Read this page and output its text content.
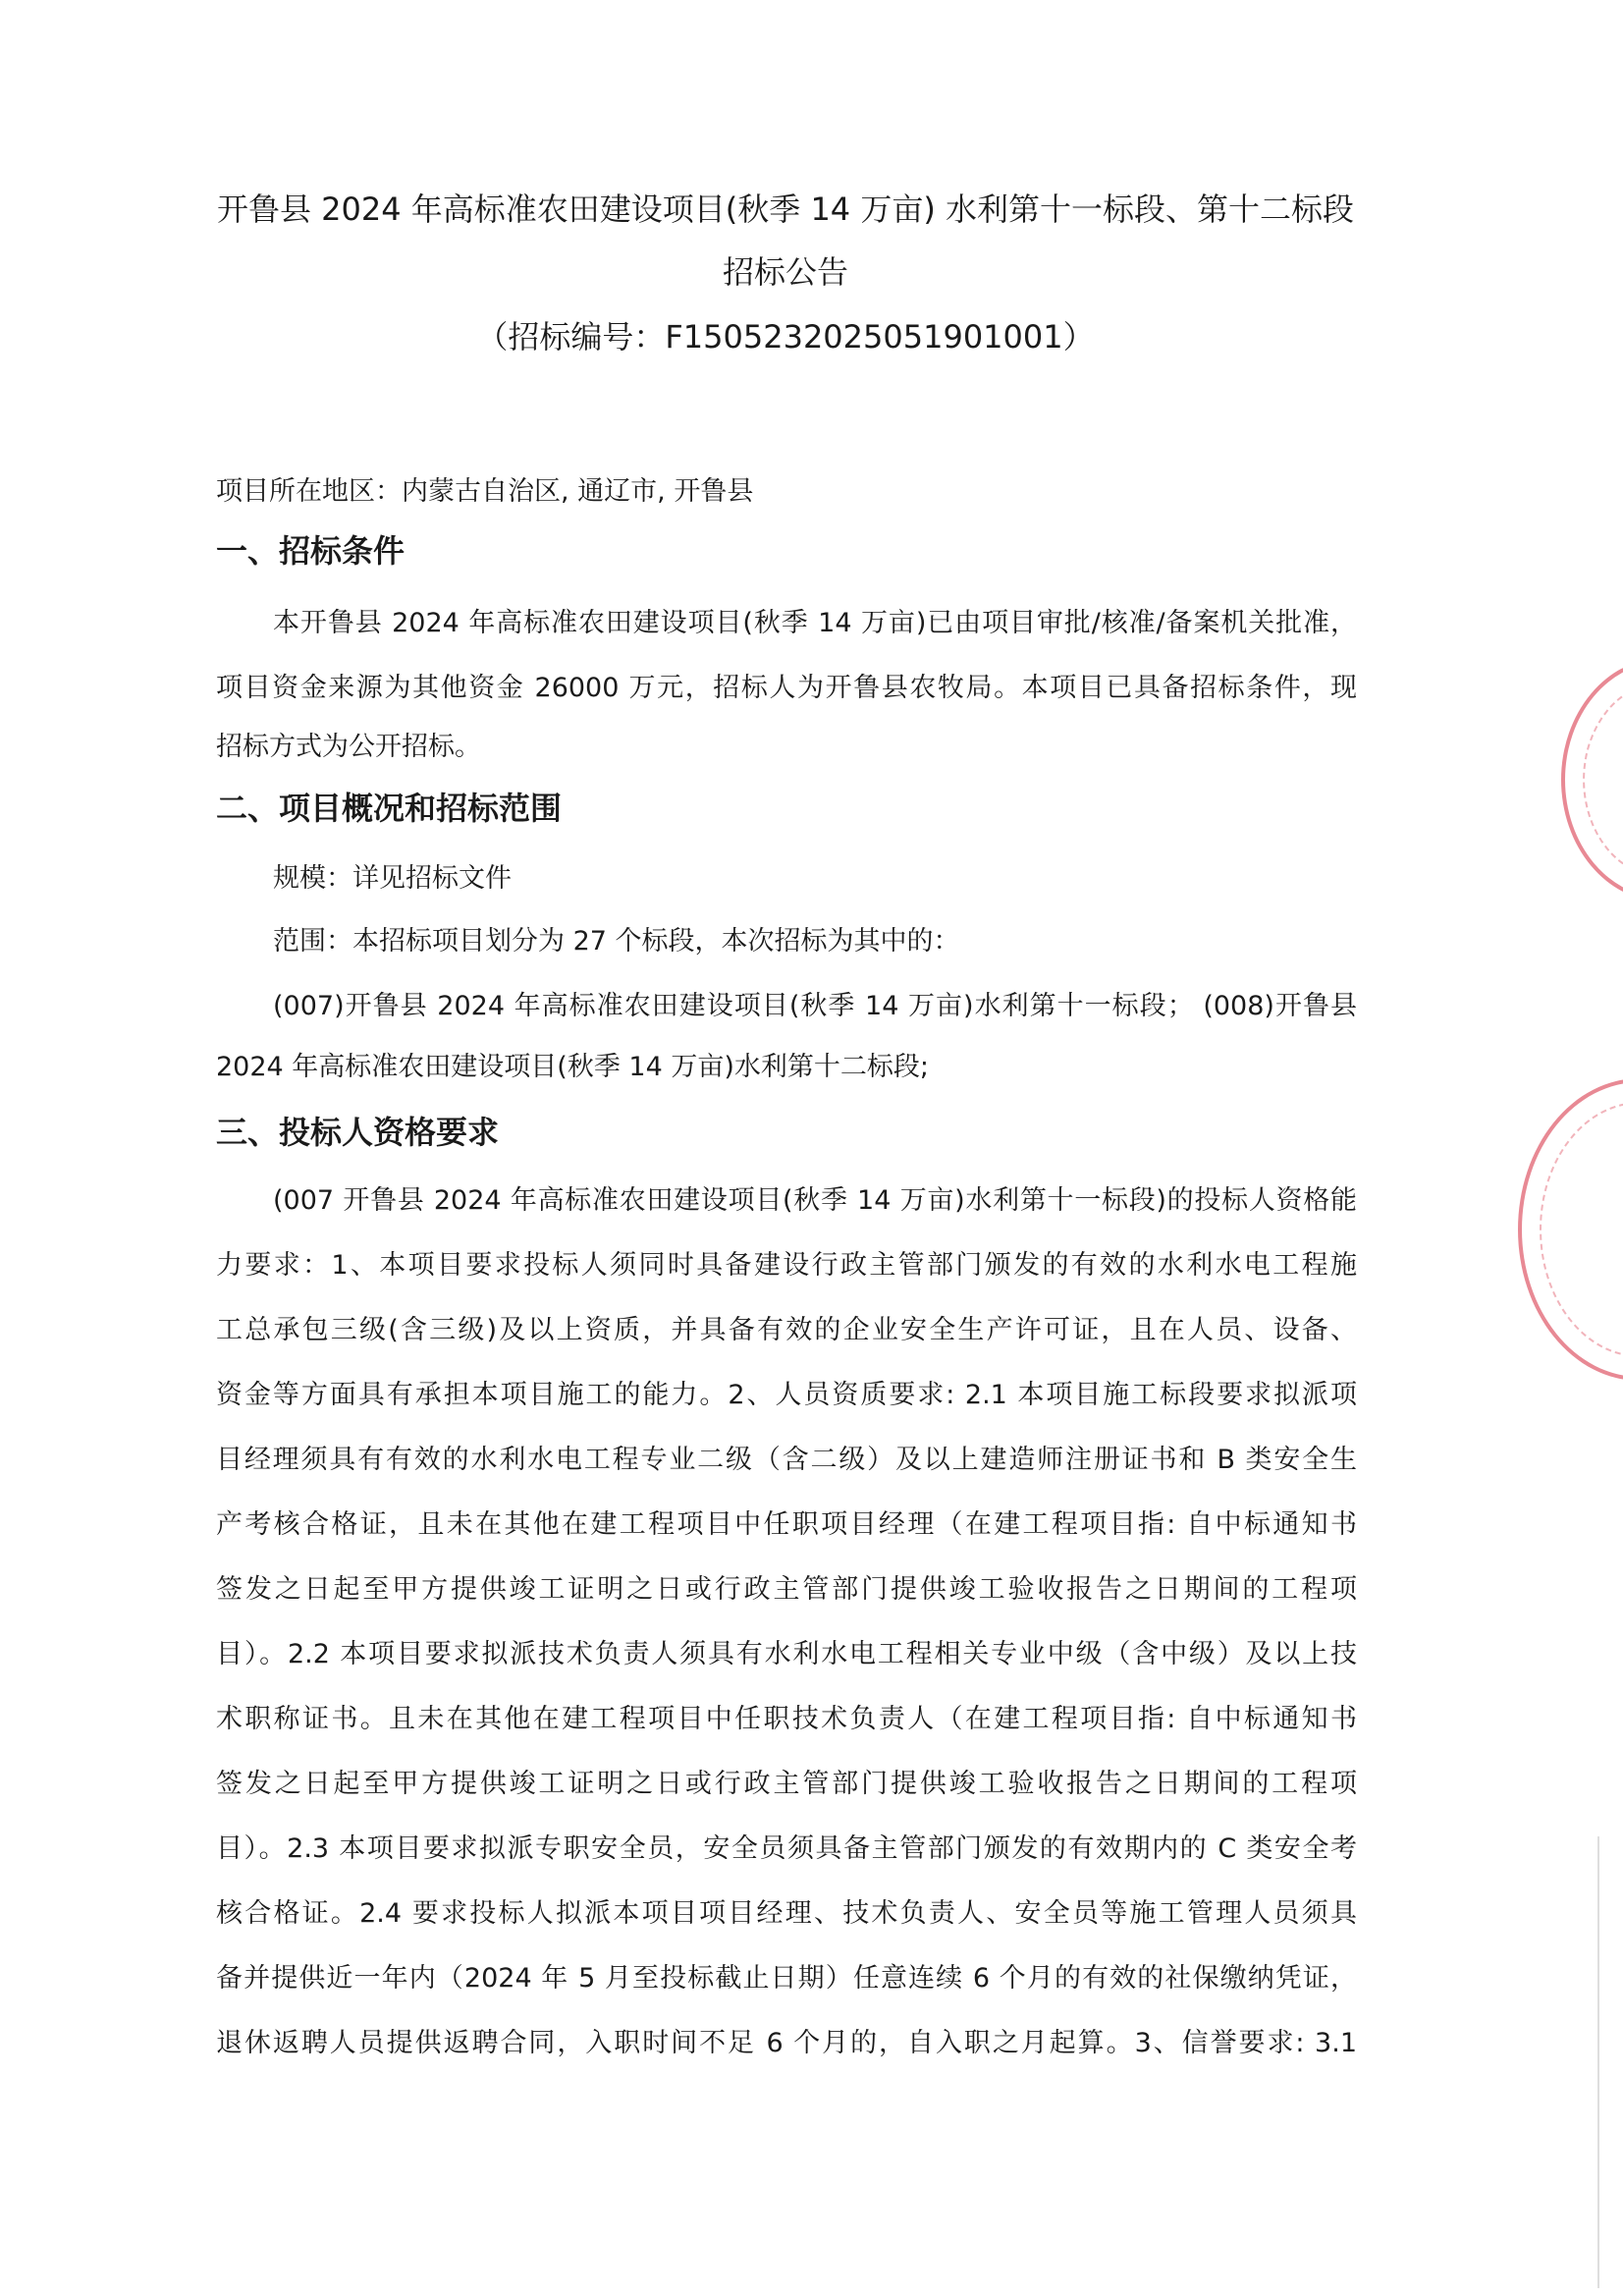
开鲁县 2024 年高标准农田建设项目(秋季 14 万亩) 水利第十一标段、第十二标段
招标公告
（招标编号：F1505232025051901001）
项目所在地区：内蒙古自治区, 通辽市, 开鲁县
一、招标条件
本开鲁县 2024 年高标准农田建设项目(秋季 14 万亩)已由项目审批/核准/备案机关批准，
项目资金来源为其他资金 26000 万元，招标人为开鲁县农牧局。本项目已具备招标条件，现
招标方式为公开招标。
二、项目概况和招标范围
规模：详见招标文件
范围：本招标项目划分为 27 个标段，本次招标为其中的：
(007)开鲁县 2024 年高标准农田建设项目(秋季 14 万亩)水利第十一标段； (008)开鲁县
2024 年高标准农田建设项目(秋季 14 万亩)水利第十二标段;
三、投标人资格要求
(007 开鲁县 2024 年高标准农田建设项目(秋季 14 万亩)水利第十一标段)的投标人资格能
力要求：1、本项目要求投标人须同时具备建设行政主管部门颁发的有效的水利水电工程施
工总承包三级(含三级)及以上资质，并具备有效的企业安全生产许可证，且在人员、设备、
资金等方面具有承担本项目施工的能力。2、人员资质要求: 2.1 本项目施工标段要求拟派项
目经理须具有有效的水利水电工程专业二级（含二级）及以上建造师注册证书和 B 类安全生
产考核合格证，且未在其他在建工程项目中任职项目经理（在建工程项目指: 自中标通知书
签发之日起至甲方提供竣工证明之日或行政主管部门提供竣工验收报告之日期间的工程项
目）。2.2 本项目要求拟派技术负责人须具有水利水电工程相关专业中级（含中级）及以上技
术职称证书。且未在其他在建工程项目中任职技术负责人（在建工程项目指: 自中标通知书
签发之日起至甲方提供竣工证明之日或行政主管部门提供竣工验收报告之日期间的工程项
目）。2.3 本项目要求拟派专职安全员，安全员须具备主管部门颁发的有效期内的 C 类安全考
核合格证。2.4 要求投标人拟派本项目项目经理、技术负责人、安全员等施工管理人员须具
备并提供近一年内（2024 年 5 月至投标截止日期）任意连续 6 个月的有效的社保缴纳凭证，
退休返聘人员提供返聘合同，入职时间不足 6 个月的，自入职之月起算。3、信誉要求: 3.1
